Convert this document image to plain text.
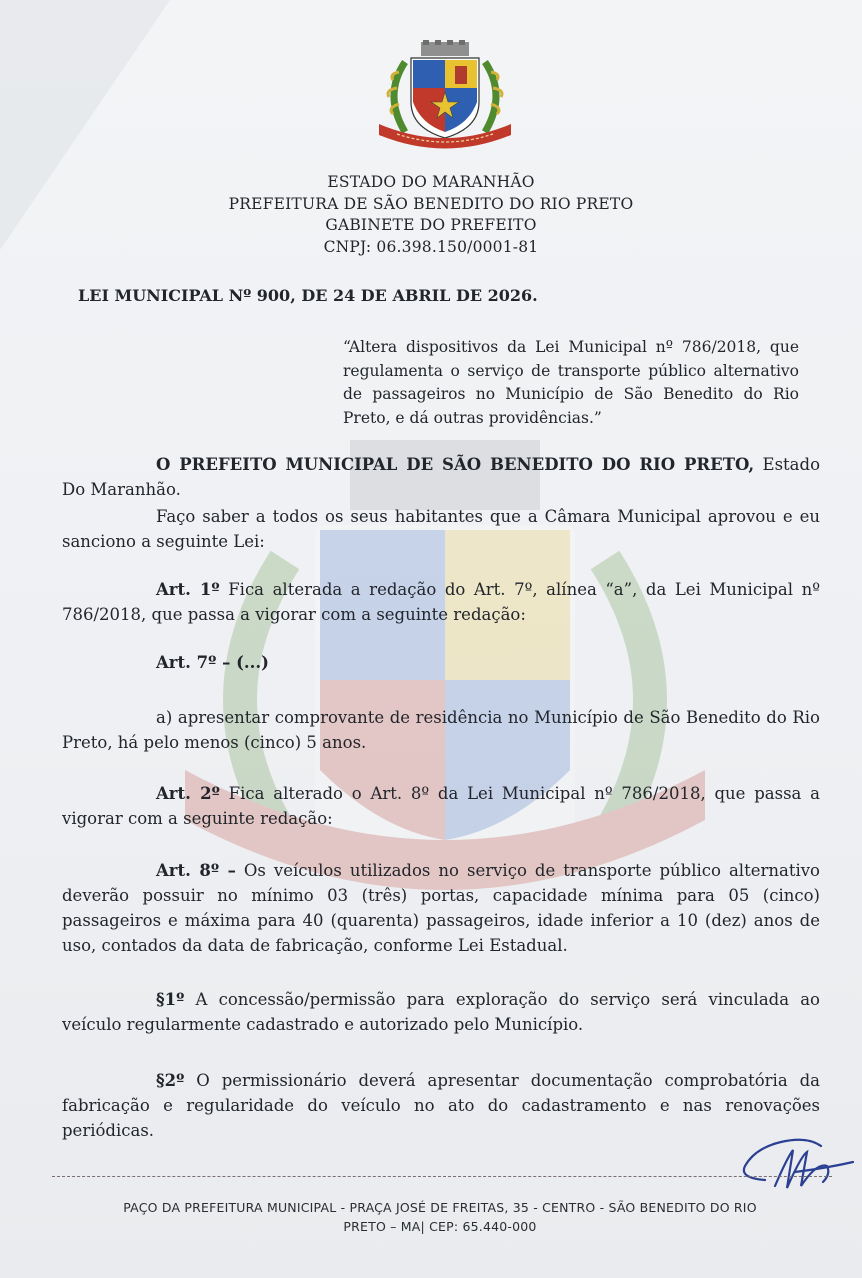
ESTADO DO MARANHÃO
PREFEITURA DE SÃO BENEDITO DO RIO PRETO
GABINETE DO PREFEITO
CNPJ: 06.398.150/0001-81
LEI MUNICIPAL Nº 900, DE 24 DE ABRIL DE 2026.
“Altera dispositivos da Lei Municipal nº 786/2018, que regulamenta o serviço de transporte público alternativo de passageiros no Município de São Benedito do Rio Preto, e dá outras providências.”
O PREFEITO MUNICIPAL DE SÃO BENEDITO DO RIO PRETO, Estado Do Maranhão.
Faço saber a todos os seus habitantes que a Câmara Municipal aprovou e eu sanciono a seguinte Lei:
Art. 1º Fica alterada a redação do Art. 7º, alínea “a”, da Lei Municipal nº 786/2018, que passa a vigorar com a seguinte redação:
Art. 7º – (...)
a) apresentar comprovante de residência no Município de São Benedito do Rio Preto, há pelo menos (cinco) 5 anos.
Art. 2º Fica alterado o Art. 8º da Lei Municipal nº 786/2018, que passa a vigorar com a seguinte redação:
Art. 8º – Os veículos utilizados no serviço de transporte público alternativo deverão possuir no mínimo 03 (três) portas, capacidade mínima para 05 (cinco) passageiros e máxima para 40 (quarenta) passageiros, idade inferior a 10 (dez) anos de uso, contados da data de fabricação, conforme Lei Estadual.
§1º A concessão/permissão para exploração do serviço será vinculada ao veículo regularmente cadastrado e autorizado pelo Município.
§2º O permissionário deverá apresentar documentação comprobatória da fabricação e regularidade do veículo no ato do cadastramento e nas renovações periódicas.
PAÇO DA PREFEITURA MUNICIPAL - PRAÇA JOSÉ DE FREITAS, 35 - CENTRO - SÃO BENEDITO DO RIO
PRETO – MA| CEP: 65.440-000
